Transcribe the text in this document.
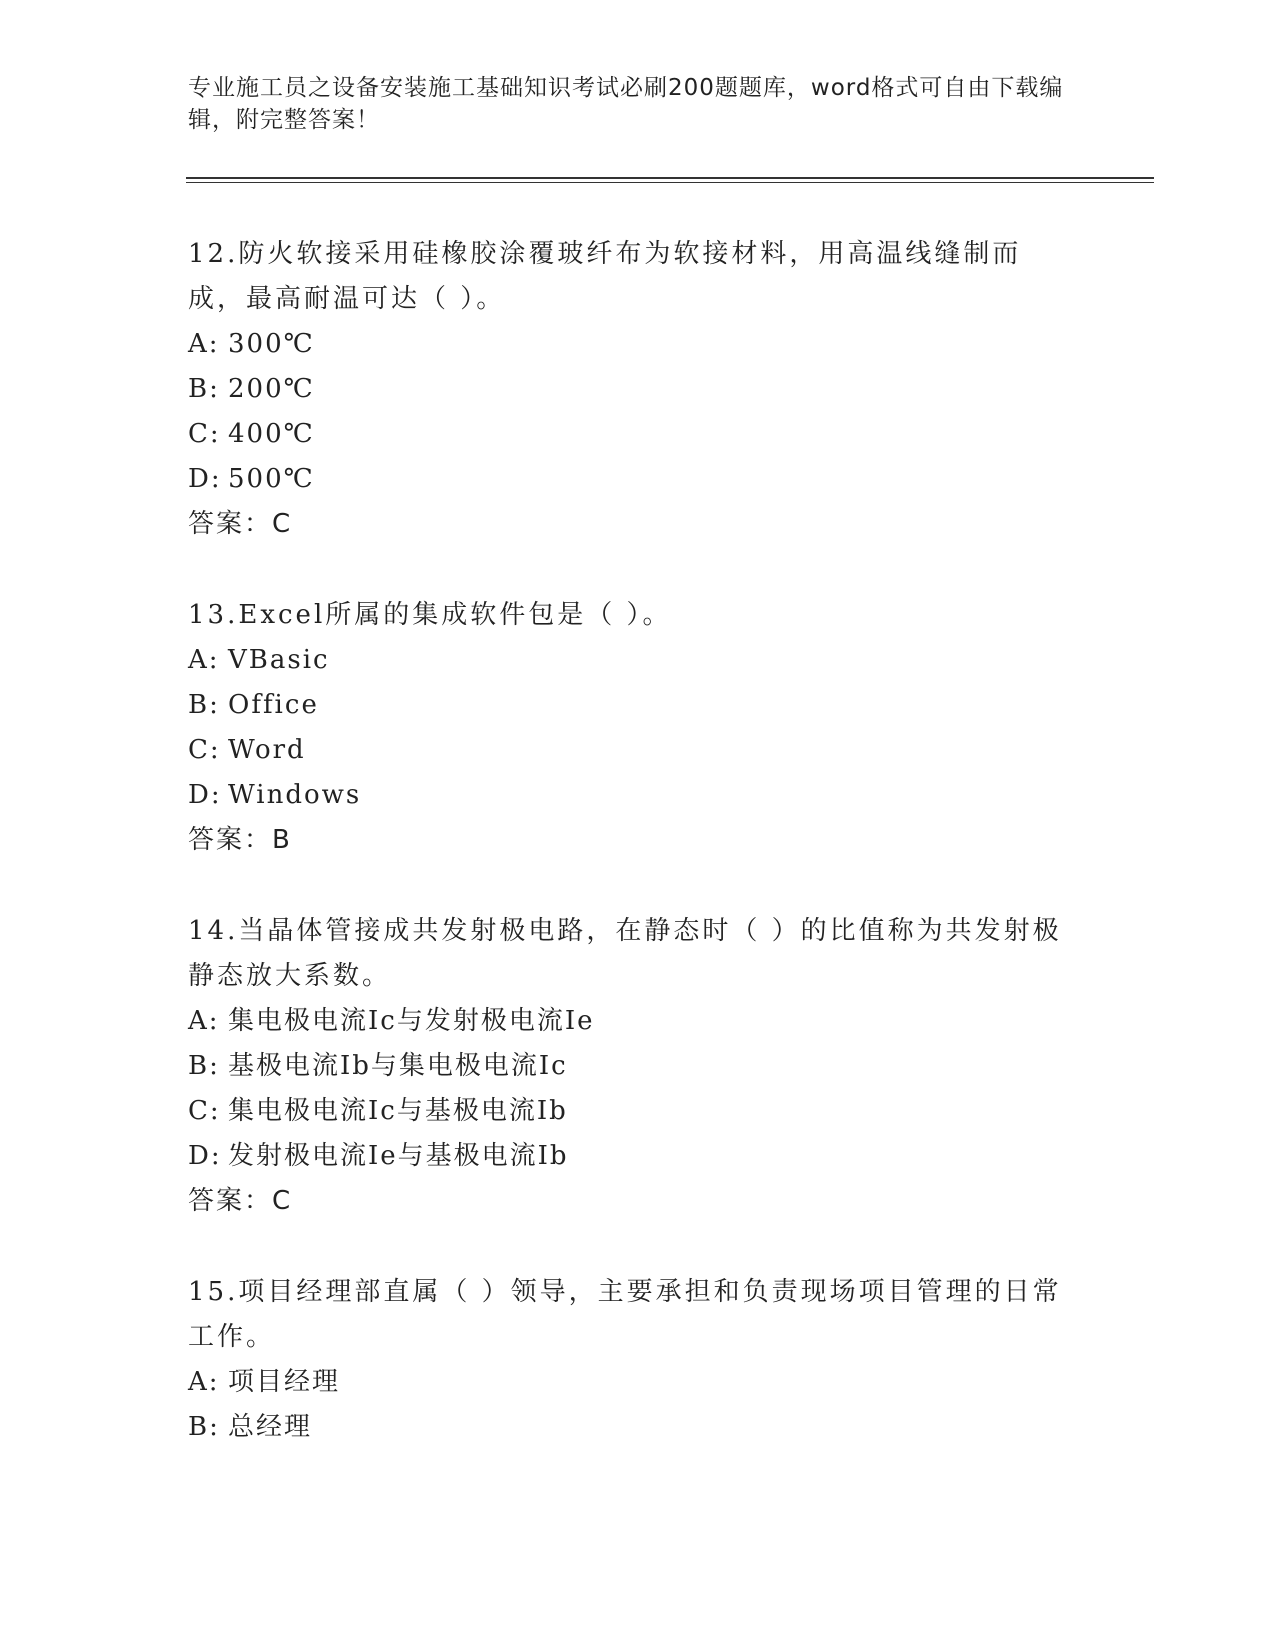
专业施工员之设备安装施工基础知识考试必刷200题题库，word格式可自由下载编辑，附完整答案！

12.防火软接采用硅橡胶涂覆玻纤布为软接材料，用高温线缝制而成，最高耐温可达（ ）。

A: 300℃

B: 200℃

C: 400℃

D: 500℃

答案：C

13.Excel所属的集成软件包是（ ）。

A: VBasic

B: Office

C: Word

D: Windows

答案：B

14.当晶体管接成共发射极电路，在静态时（ ）的比值称为共发射极静态放大系数。

A: 集电极电流Ic与发射极电流Ie

B: 基极电流Ib与集电极电流Ic

C: 集电极电流Ic与基极电流Ib

D: 发射极电流Ie与基极电流Ib

答案：C

15.项目经理部直属（ ）领导，主要承担和负责现场项目管理的日常工作。

A: 项目经理

B: 总经理
